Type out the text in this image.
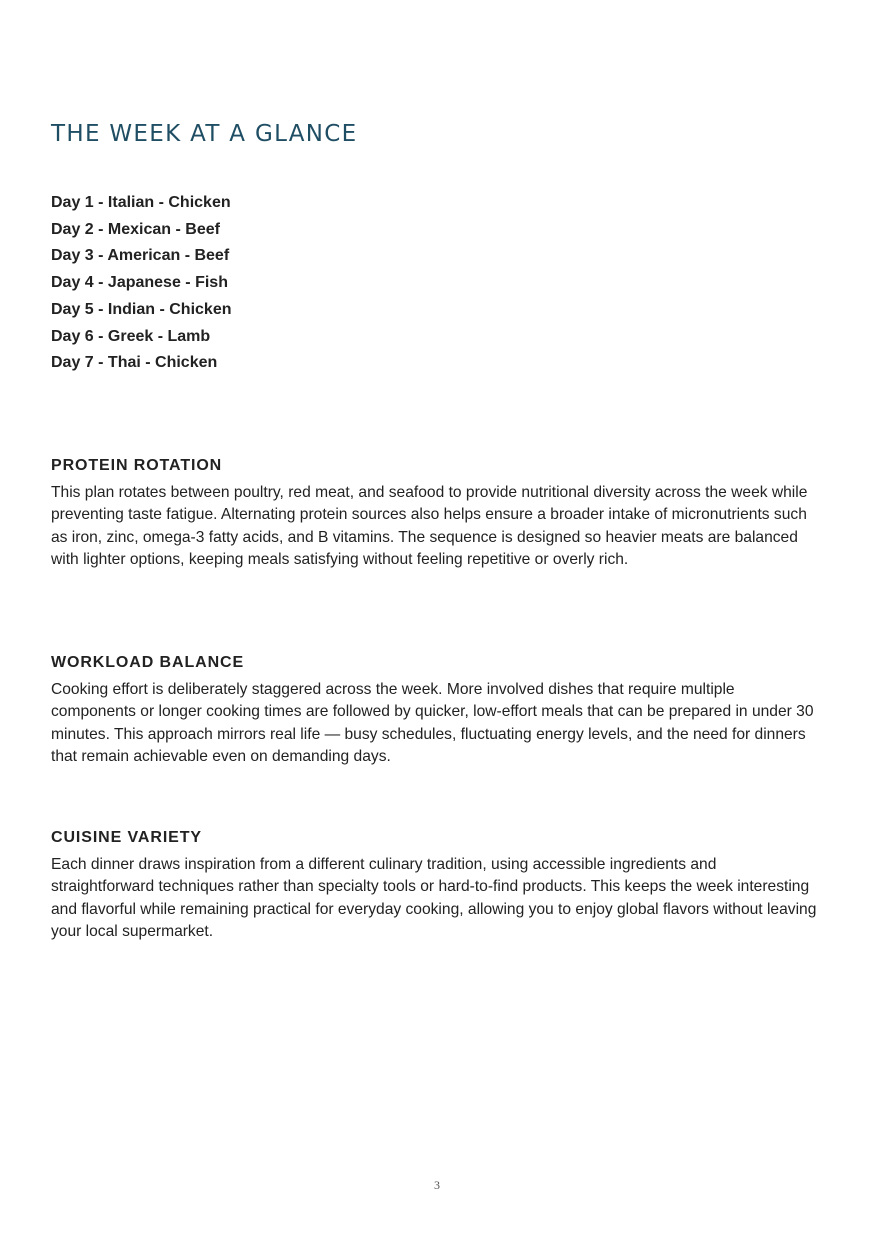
THE WEEK AT A GLANCE
Day 1 - Italian - Chicken
Day 2 - Mexican - Beef
Day 3 - American - Beef
Day 4 - Japanese - Fish
Day 5 - Indian - Chicken
Day 6 - Greek - Lamb
Day 7 - Thai - Chicken
PROTEIN ROTATION

This plan rotates between poultry, red meat, and seafood to provide nutritional diversity across the week while preventing taste fatigue. Alternating protein sources also helps ensure a broader intake of micronutrients such as iron, zinc, omega-3 fatty acids, and B vitamins. The sequence is designed so heavier meats are balanced with lighter options, keeping meals satisfying without feeling repetitive or overly rich.

WORKLOAD BALANCE

Cooking effort is deliberately staggered across the week. More involved dishes that require multiple components or longer cooking times are followed by quicker, low-effort meals that can be prepared in under 30 minutes. This approach mirrors real life — busy schedules, fluctuating energy levels, and the need for dinners that remain achievable even on demanding days.

CUISINE VARIETY

Each dinner draws inspiration from a different culinary tradition, using accessible ingredients and straightforward techniques rather than specialty tools or hard-to-find products. This keeps the week interesting and flavorful while remaining practical for everyday cooking, allowing you to enjoy global flavors without leaving your local supermarket.

3
